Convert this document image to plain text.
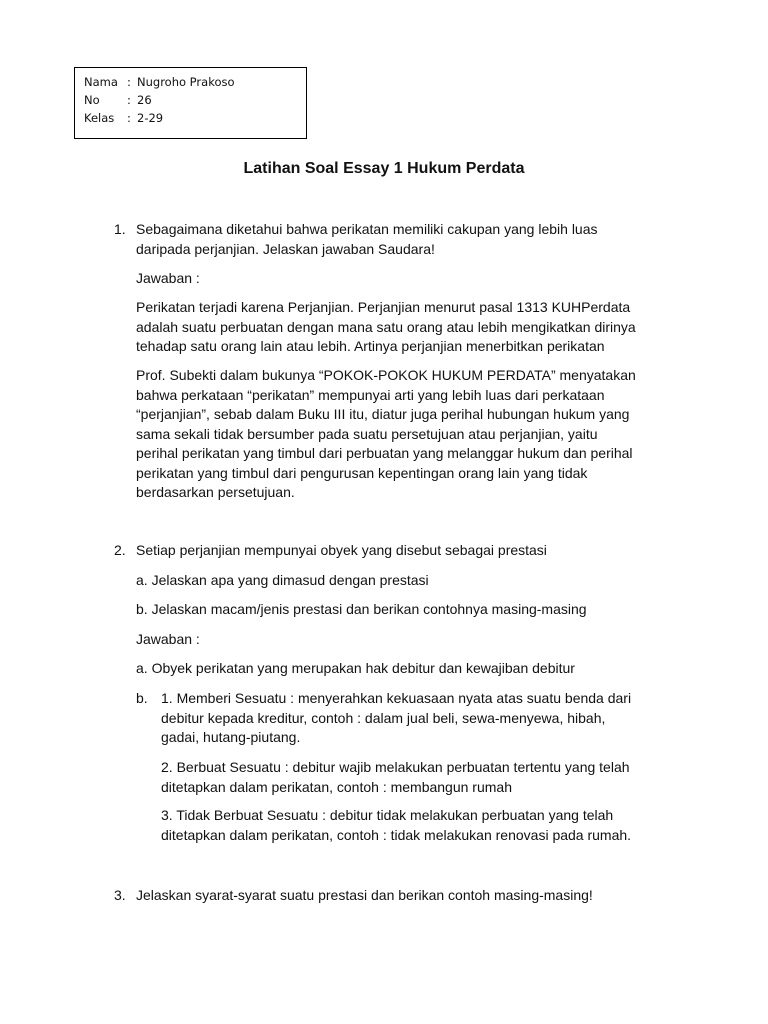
Nama : Nugroho Prakoso
No	: 26
Kelas	: 2-29
Latihan Soal Essay 1 Hukum Perdata
1. Sebagaimana diketahui bahwa perikatan memiliki cakupan yang lebih luas
daripada perjanjian. Jelaskan jawaban Saudara!
Jawaban :
Perikatan terjadi karena Perjanjian. Perjanjian menurut pasal 1313 KUHPerdata
adalah suatu perbuatan dengan mana satu orang atau lebih mengikatkan dirinya
tehadap satu orang lain atau lebih. Artinya perjanjian menerbitkan perikatan
Prof. Subekti dalam bukunya “POKOK-POKOK HUKUM PERDATA” menyatakan
bahwa perkataan “perikatan” mempunyai arti yang lebih luas dari perkataan
“perjanjian”, sebab dalam Buku III itu, diatur juga perihal hubungan hukum yang
sama sekali tidak bersumber pada suatu persetujuan atau perjanjian, yaitu
perihal perikatan yang timbul dari perbuatan yang melanggar hukum dan perihal
perikatan yang timbul dari pengurusan kepentingan orang lain yang tidak
berdasarkan persetujuan.
2. Setiap perjanjian mempunyai obyek yang disebut sebagai prestasi
a. Jelaskan apa yang dimasud dengan prestasi
b. Jelaskan macam/jenis prestasi dan berikan contohnya masing-masing
Jawaban :
a. Obyek perikatan yang merupakan hak debitur dan kewajiban debitur
b. 1. Memberi Sesuatu : menyerahkan kekuasaan nyata atas suatu benda dari
debitur kepada kreditur, contoh : dalam jual beli, sewa-menyewa, hibah,
gadai, hutang-piutang.
2. Berbuat Sesuatu : debitur wajib melakukan perbuatan tertentu yang telah
ditetapkan dalam perikatan, contoh : membangun rumah
3. Tidak Berbuat Sesuatu : debitur tidak melakukan perbuatan yang telah
ditetapkan dalam perikatan, contoh : tidak melakukan renovasi pada rumah.
3. Jelaskan syarat-syarat suatu prestasi dan berikan contoh masing-masing!
